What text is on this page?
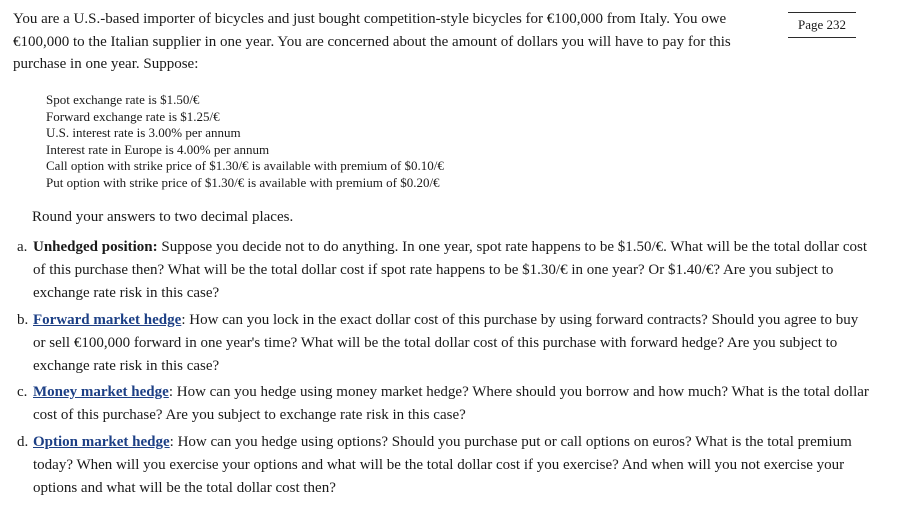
Page 232

You are a U.S.-based importer of bicycles and just bought competition-style bicycles for €100,000 from Italy. You owe €100,000 to the Italian supplier in one year. You are concerned about the amount of dollars you will have to pay for this purchase in one year. Suppose:

Spot exchange rate is $1.50/€
Forward exchange rate is $1.25/€
U.S. interest rate is 3.00% per annum
Interest rate in Europe is 4.00% per annum
Call option with strike price of $1.30/€ is available with premium of $0.10/€
Put option with strike price of $1.30/€ is available with premium of $0.20/€
Round your answers to two decimal places.
a. Unhedged position: Suppose you decide not to do anything. In one year, spot rate happens to be $1.50/€. What will be the total dollar cost of this purchase then? What will be the total dollar cost if spot rate happens to be $1.30/€ in one year? Or $1.40/€? Are you subject to exchange rate risk in this case?
b. Forward market hedge: How can you lock in the exact dollar cost of this purchase by using forward contracts? Should you agree to buy or sell €100,000 forward in one year's time? What will be the total dollar cost of this purchase with forward hedge? Are you subject to exchange rate risk in this case?
c. Money market hedge: How can you hedge using money market hedge? Where should you borrow and how much? What is the total dollar cost of this purchase? Are you subject to exchange rate risk in this case?
d. Option market hedge: How can you hedge using options? Should you purchase put or call options on euros? What is the total premium today? When will you exercise your options and what will be the total dollar cost if you exercise? And when will you not exercise your options and what will be the total dollar cost then?
